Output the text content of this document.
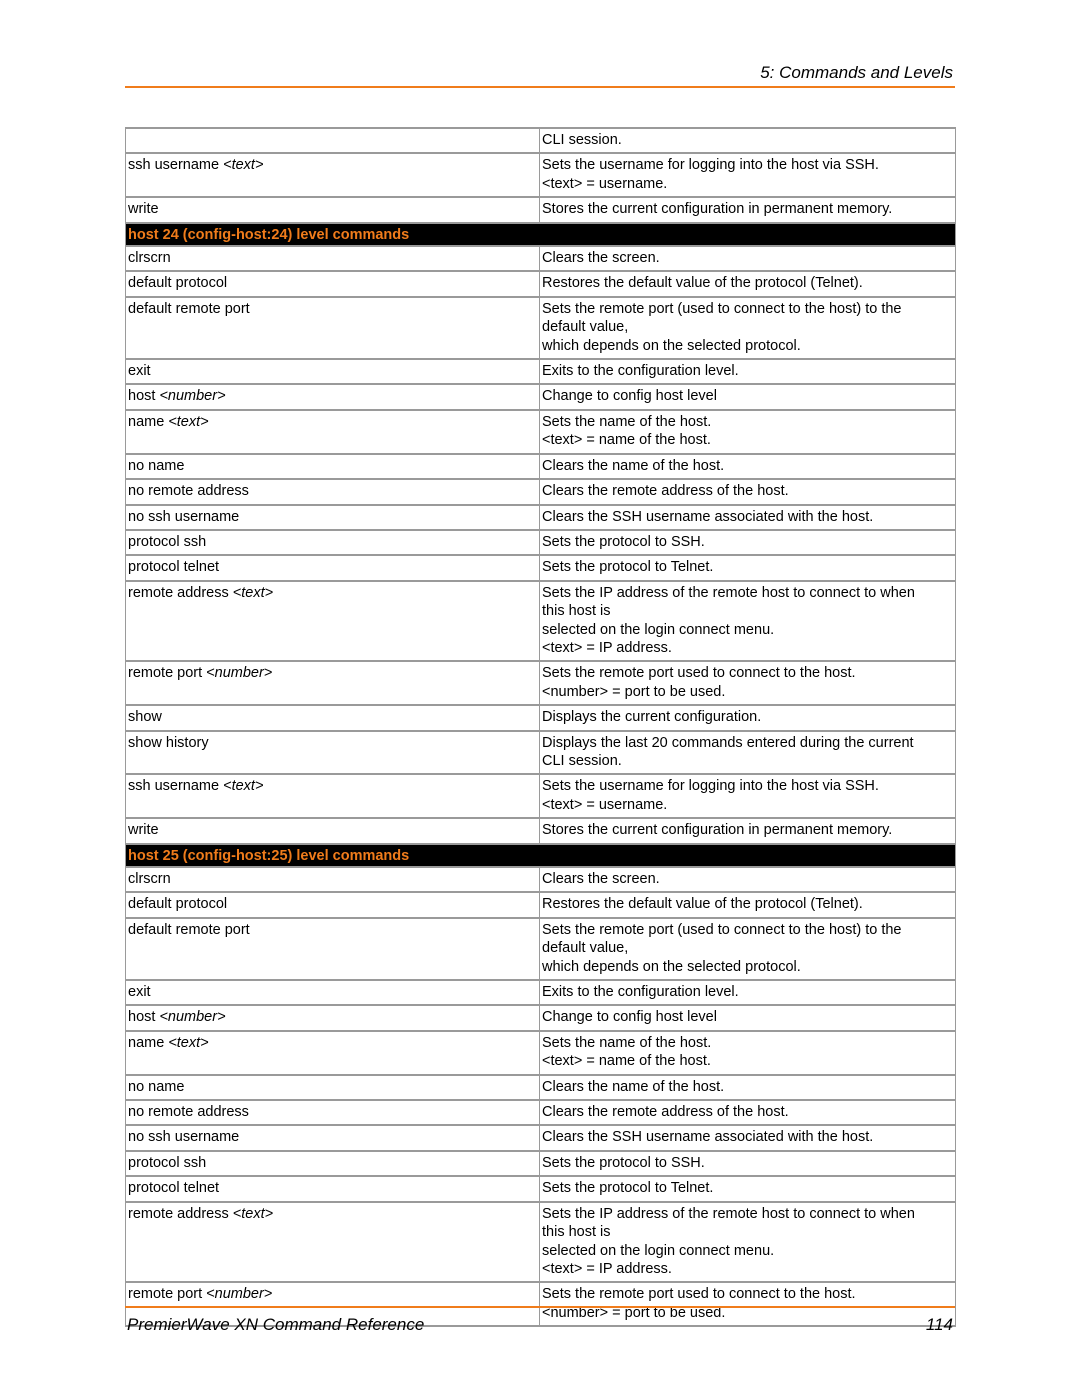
5: Commands and Levels

	CLI session.

ssh username <text>	Sets the username for logging into the host via SSH.
<text> = username.

write	Stores the current configuration in permanent memory.

host 24 (config-host:24) level commands	
clrscrn	Clears the screen.

default protocol	Restores the default value of the protocol (Telnet).

default remote port	Sets the remote port (used to connect to the host) to the
default value,
which depends on the selected protocol.

exit	Exits to the configuration level.

host <number>	Change to config host level

name <text>	Sets the name of the host.
<text> = name of the host.

no name	Clears the name of the host.

no remote address	Clears the remote address of the host.

no ssh username	Clears the SSH username associated with the host.

protocol ssh	Sets the protocol to SSH.

protocol telnet	Sets the protocol to Telnet.

remote address <text>	Sets the IP address of the remote host to connect to when
this host is
selected on the login connect menu.
<text> = IP address.

remote port <number>	Sets the remote port used to connect to the host.
<number> = port to be used.

show	Displays the current configuration.

show history	Displays the last 20 commands entered during the current
CLI session.

ssh username <text>	Sets the username for logging into the host via SSH.
<text> = username.

write	Stores the current configuration in permanent memory.

host 25 (config-host:25) level commands	
clrscrn	Clears the screen.

default protocol	Restores the default value of the protocol (Telnet).

default remote port	Sets the remote port (used to connect to the host) to the
default value,
which depends on the selected protocol.

exit	Exits to the configuration level.

host <number>	Change to config host level

name <text>	Sets the name of the host.
<text> = name of the host.

no name	Clears the name of the host.

no remote address	Clears the remote address of the host.

no ssh username	Clears the SSH username associated with the host.

protocol ssh	Sets the protocol to SSH.

protocol telnet	Sets the protocol to Telnet.

remote address <text>	Sets the IP address of the remote host to connect to when
this host is
selected on the login connect menu.
<text> = IP address.

remote port <number>	Sets the remote port used to connect to the host.
<number> = port to be used.
PremierWave XN Command Reference	114
